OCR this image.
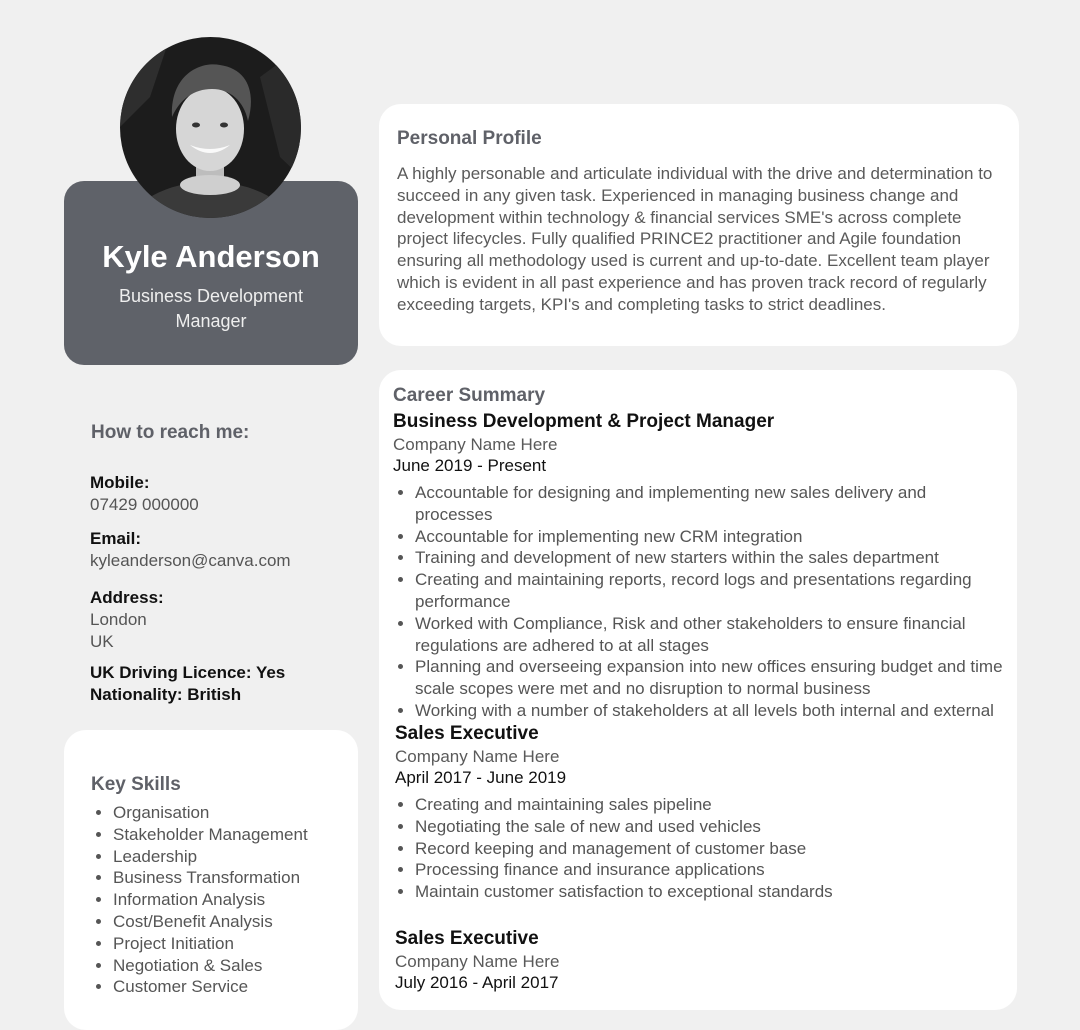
Kyle Anderson
Business Development Manager
How to reach me:
Mobile:
07429 000000
Email:
kyleanderson@canva.com
Address:
London
UK
UK Driving Licence: Yes
Nationality: British
Key Skills
• Organisation
• Stakeholder Management
• Leadership
• Business Transformation
• Information Analysis
• Cost/Benefit Analysis
• Project Initiation
• Negotiation & Sales
• Customer Service
Personal Profile
A highly personable and articulate individual with the drive and determination to succeed in any given task. Experienced in managing business change and development within technology & financial services SME's across complete project lifecycles. Fully qualified PRINCE2 practitioner and Agile foundation ensuring all methodology used is current and up-to-date. Excellent team player which is evident in all past experience and has proven track record of regularly exceeding targets, KPI's and completing tasks to strict deadlines.
Career Summary
Business Development & Project Manager
Company Name Here
June 2019 - Present
• Accountable for designing and implementing new sales delivery and processes
• Accountable for implementing new CRM integration
• Training and development of new starters within the sales department
• Creating and maintaining reports, record logs and presentations regarding performance
• Worked with Compliance, Risk and other stakeholders to ensure financial regulations are adhered to at all stages
• Planning and overseeing expansion into new offices ensuring budget and time scale scopes were met and no disruption to normal business
• Working with a number of stakeholders at all levels both internal and external
Sales Executive
Company Name Here
April 2017 - June 2019
• Creating and maintaining sales pipeline
• Negotiating the sale of new and used vehicles
• Record keeping and management of customer base
• Processing finance and insurance applications
• Maintain customer satisfaction to exceptional standards
Sales Executive
Company Name Here
July 2016 - April 2017
